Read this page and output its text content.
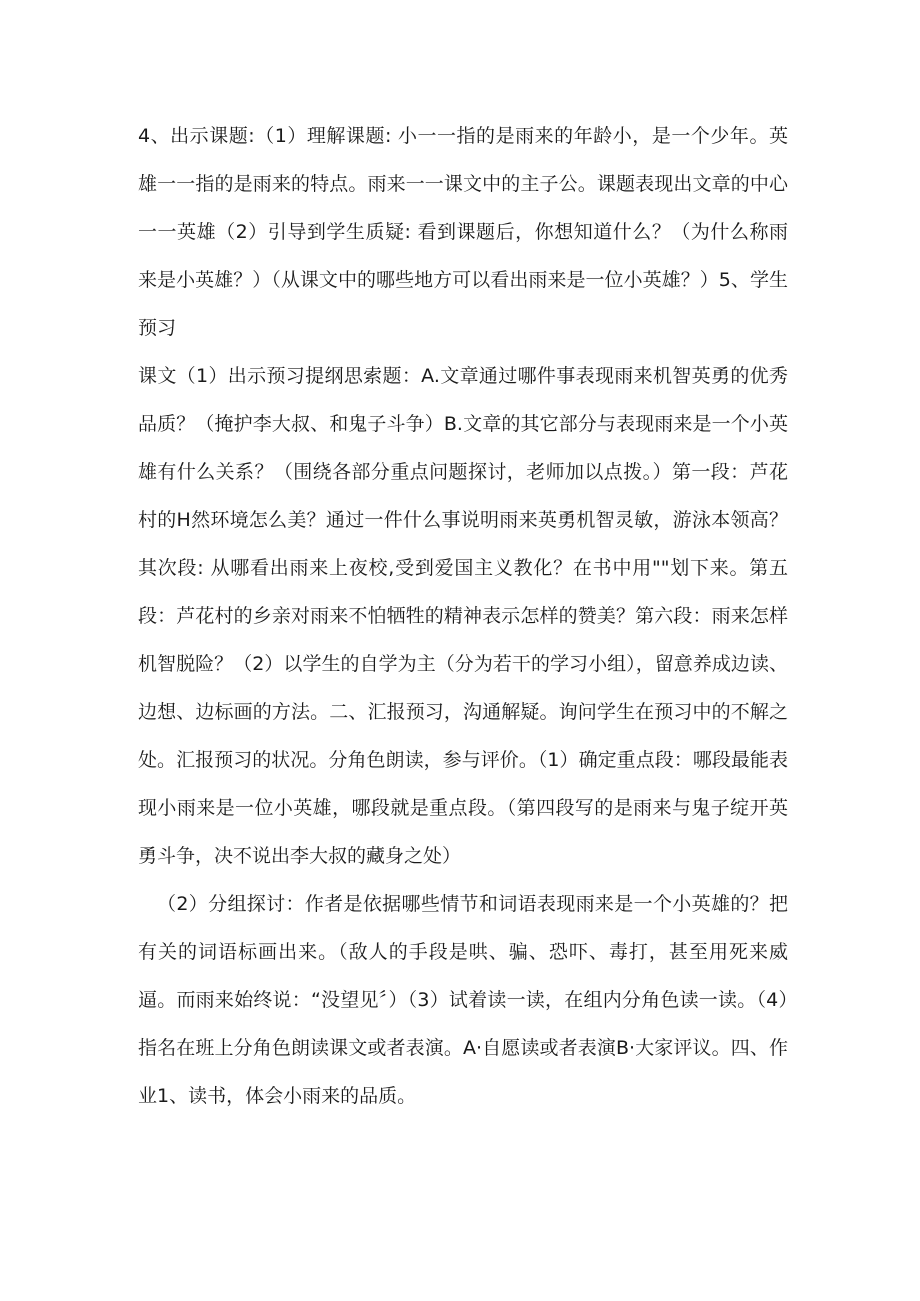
4、出示课题:（1）理解课题: 小一一指的是雨来的年龄小，是一个少年。英雄一一指的是雨来的特点。雨来一一课文中的主子公。课题表现出文章的中心一一英雄（2）引导到学生质疑: 看到课题后，你想知道什么？（为什么称雨来是小英雄？）（从课文中的哪些地方可以看出雨来是一位小英雄？）5、学生预习

课文（1）出示预习提纲思索题：A.文章通过哪件事表现雨来机智英勇的优秀品质？（掩护李大叔、和鬼子斗争）B.文章的其它部分与表现雨来是一个小英雄有什么关系？（围绕各部分重点问题探讨，老师加以点拨。）第一段：芦花村的H然环境怎么美？通过一件什么事说明雨来英勇机智灵敏，游泳本领高？其次段: 从哪看出雨来上夜校,受到爱国主义教化？在书中用""划下来。第五段：芦花村的乡亲对雨来不怕牺牲的精神表示怎样的赞美？第六段：雨来怎样机智脱险？（2）以学生的自学为主（分为若干的学习小组），留意养成边读、边想、边标画的方法。二、汇报预习，沟通解疑。询问学生在预习中的不解之处。汇报预习的状况。分角色朗读，参与评价。（1）确定重点段：哪段最能表现小雨来是一位小英雄，哪段就是重点段。（第四段写的是雨来与鬼子绽开英勇斗争，决不说出李大叔的藏身之处）

（2）分组探讨：作者是依据哪些情节和词语表现雨来是一个小英雄的？把有关的词语标画出来。（敌人的手段是哄、骗、恐吓、毒打，甚至用死来威逼。而雨来始终说：“没望见〞）（3）试着读一读，在组内分角色读一读。（4）指名在班上分角色朗读课文或者表演。A·自愿读或者表演B·大家评议。四、作业1、读书，体会小雨来的品质。
